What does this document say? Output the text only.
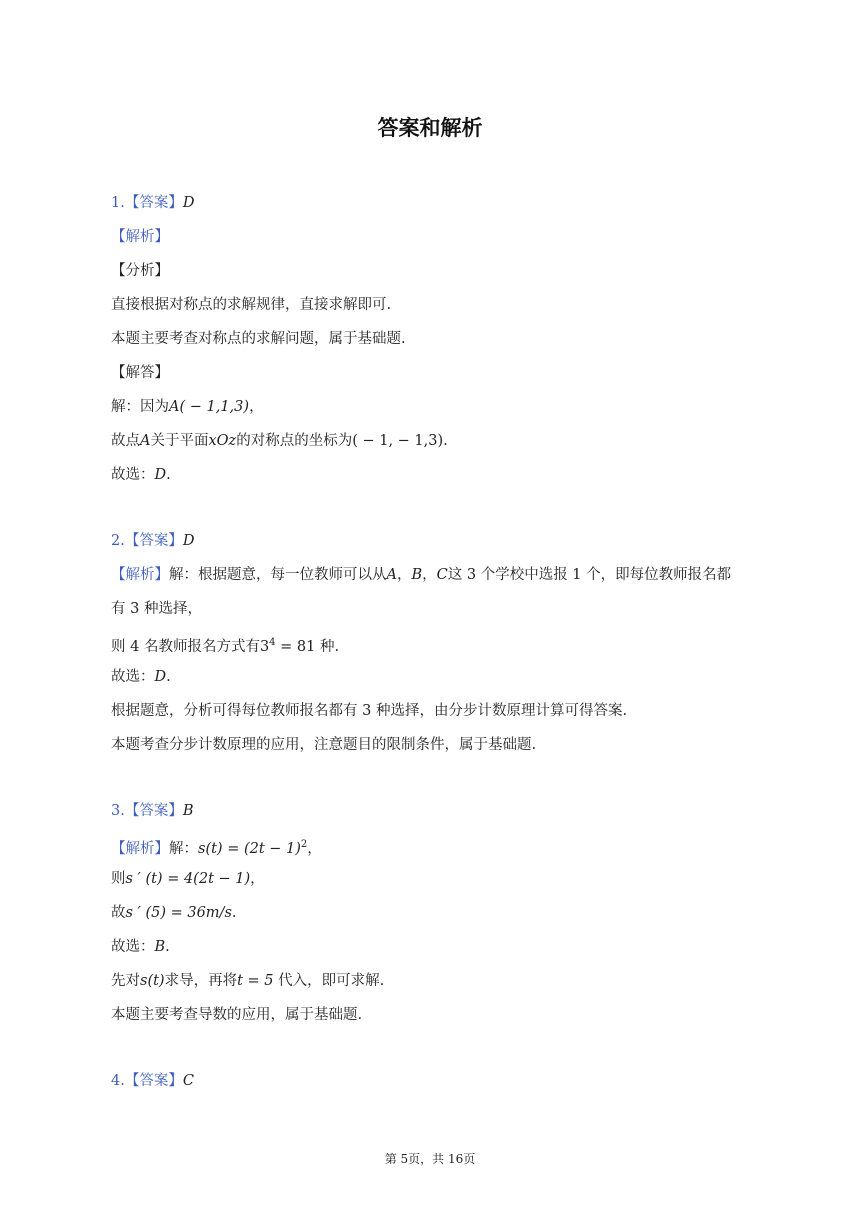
答案和解析
1.【答案】D
【解析】
【分析】
直接根据对称点的求解规律，直接求解即可.
本题主要考查对称点的求解问题，属于基础题.
【解答】
解：因为A( − 1,1,3)，
故点A关于平面xOz的对称点的坐标为( − 1, − 1,3).
故选：D.
2.【答案】D
【解析】解：根据题意，每一位教师可以从A，B，C这 3 个学校中选报 1 个，即每位教师报名都
有 3 种选择，
则 4 名教师报名方式有$3^4 = 81$ 种.
故选：D.
根据题意，分析可得每位教师报名都有 3 种选择，由分步计数原理计算可得答案.
本题考查分步计数原理的应用，注意题目的限制条件，属于基础题.
3.【答案】B
【解析】解：$s(t) = (2t - 1)^2$，
则s ′ (t) = 4(2t − 1)，
故s ′ (5) = 36m/s.
故选：B.
先对s(t)求导，再将t = 5 代入，即可求解.
本题主要考查导数的应用，属于基础题.
4.【答案】C
第 5页，共 16页
